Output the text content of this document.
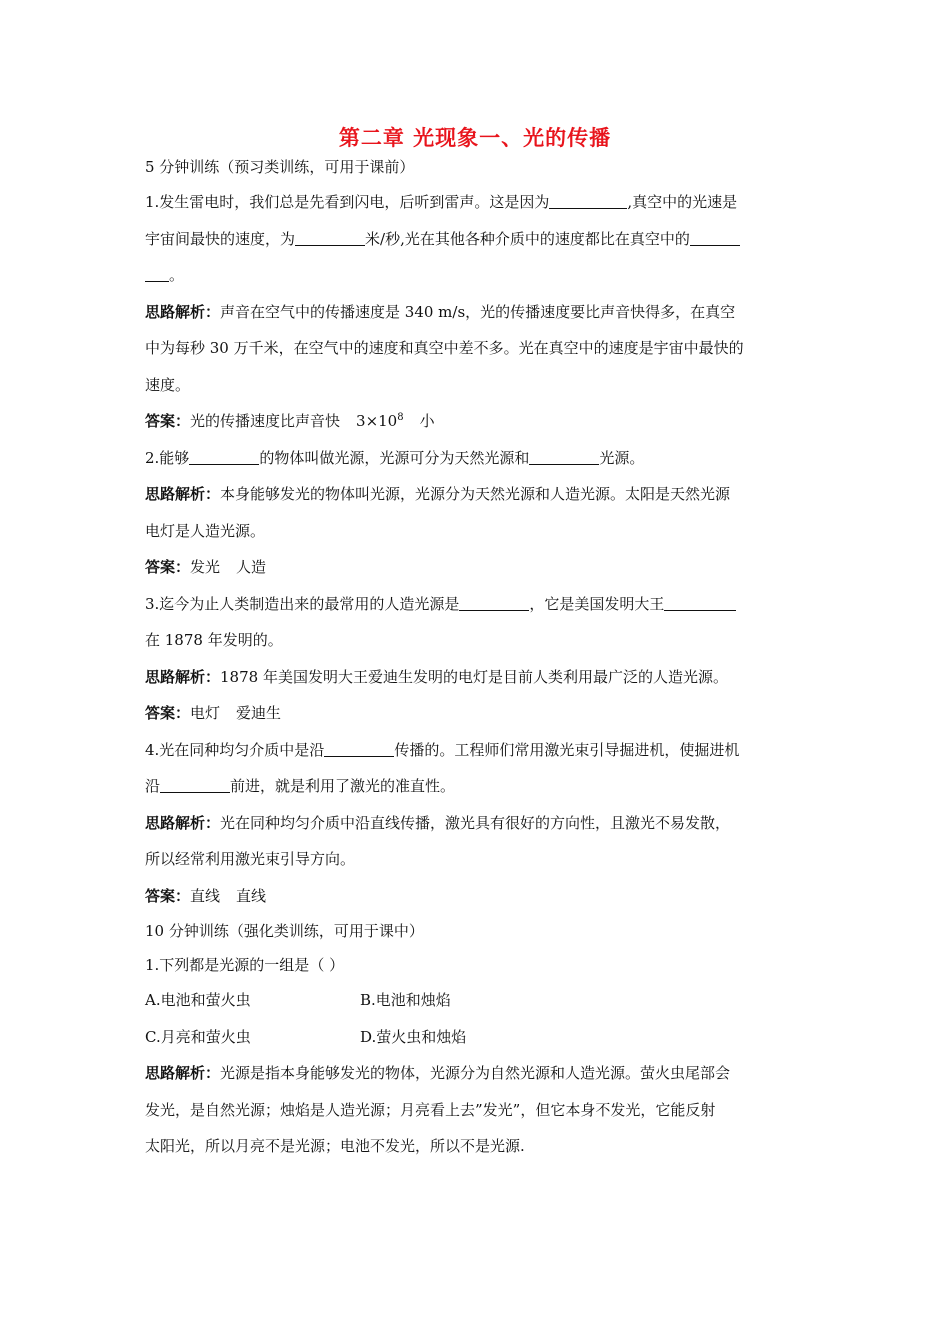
第二章 光现象一、光的传播
5 分钟训练（预习类训练，可用于课前）
1.发生雷电时，我们总是先看到闪电，后听到雷声。这是因为	,真空中的光速是
宇宙间最快的速度，为	米/秒,光在其他各种介质中的速度都比在真空中的
。
思路解析：声音在空气中的传播速度是 340 m/s，光的传播速度要比声音快得多，在真空
中为每秒 30 万千米，在空气中的速度和真空中差不多。光在真空中的速度是宇宙中最快的
速度。
答案：光的传播速度比声音快 $3\times 10^8$ 小
2.能够	的物体叫做光源，光源可分为天然光源和	光源。
思路解析：本身能够发光的物体叫光源，光源分为天然光源和人造光源。太阳是天然光源
电灯是人造光源。
答案：发光 人造
3.迄今为止人类制造出来的最常用的人造光源是	，它是美国发明大王
在 1878 年发明的。
思路解析：1878 年美国发明大王爱迪生发明的电灯是目前人类利用最广泛的人造光源。
答案：电灯 爱迪生
4.光在同种均匀介质中是沿	传播的。工程师们常用激光束引导掘进机，使掘进机
沿	前进，就是利用了激光的准直性。
思路解析：光在同种均匀介质中沿直线传播，激光具有很好的方向性，且激光不易发散，
所以经常利用激光束引导方向。
答案：直线 直线
10 分钟训练（强化类训练，可用于课中）
1.下列都是光源的一组是（ ）
A.电池和萤火虫	B.电池和烛焰
C.月亮和萤火虫	D.萤火虫和烛焰
思路解析：光源是指本身能够发光的物体，光源分为自然光源和人造光源。萤火虫尾部会
发光，是自然光源；烛焰是人造光源；月亮看上去”发光”，但它本身不发光，它能反射
太阳光，所以月亮不是光源；电池不发光，所以不是光源.
